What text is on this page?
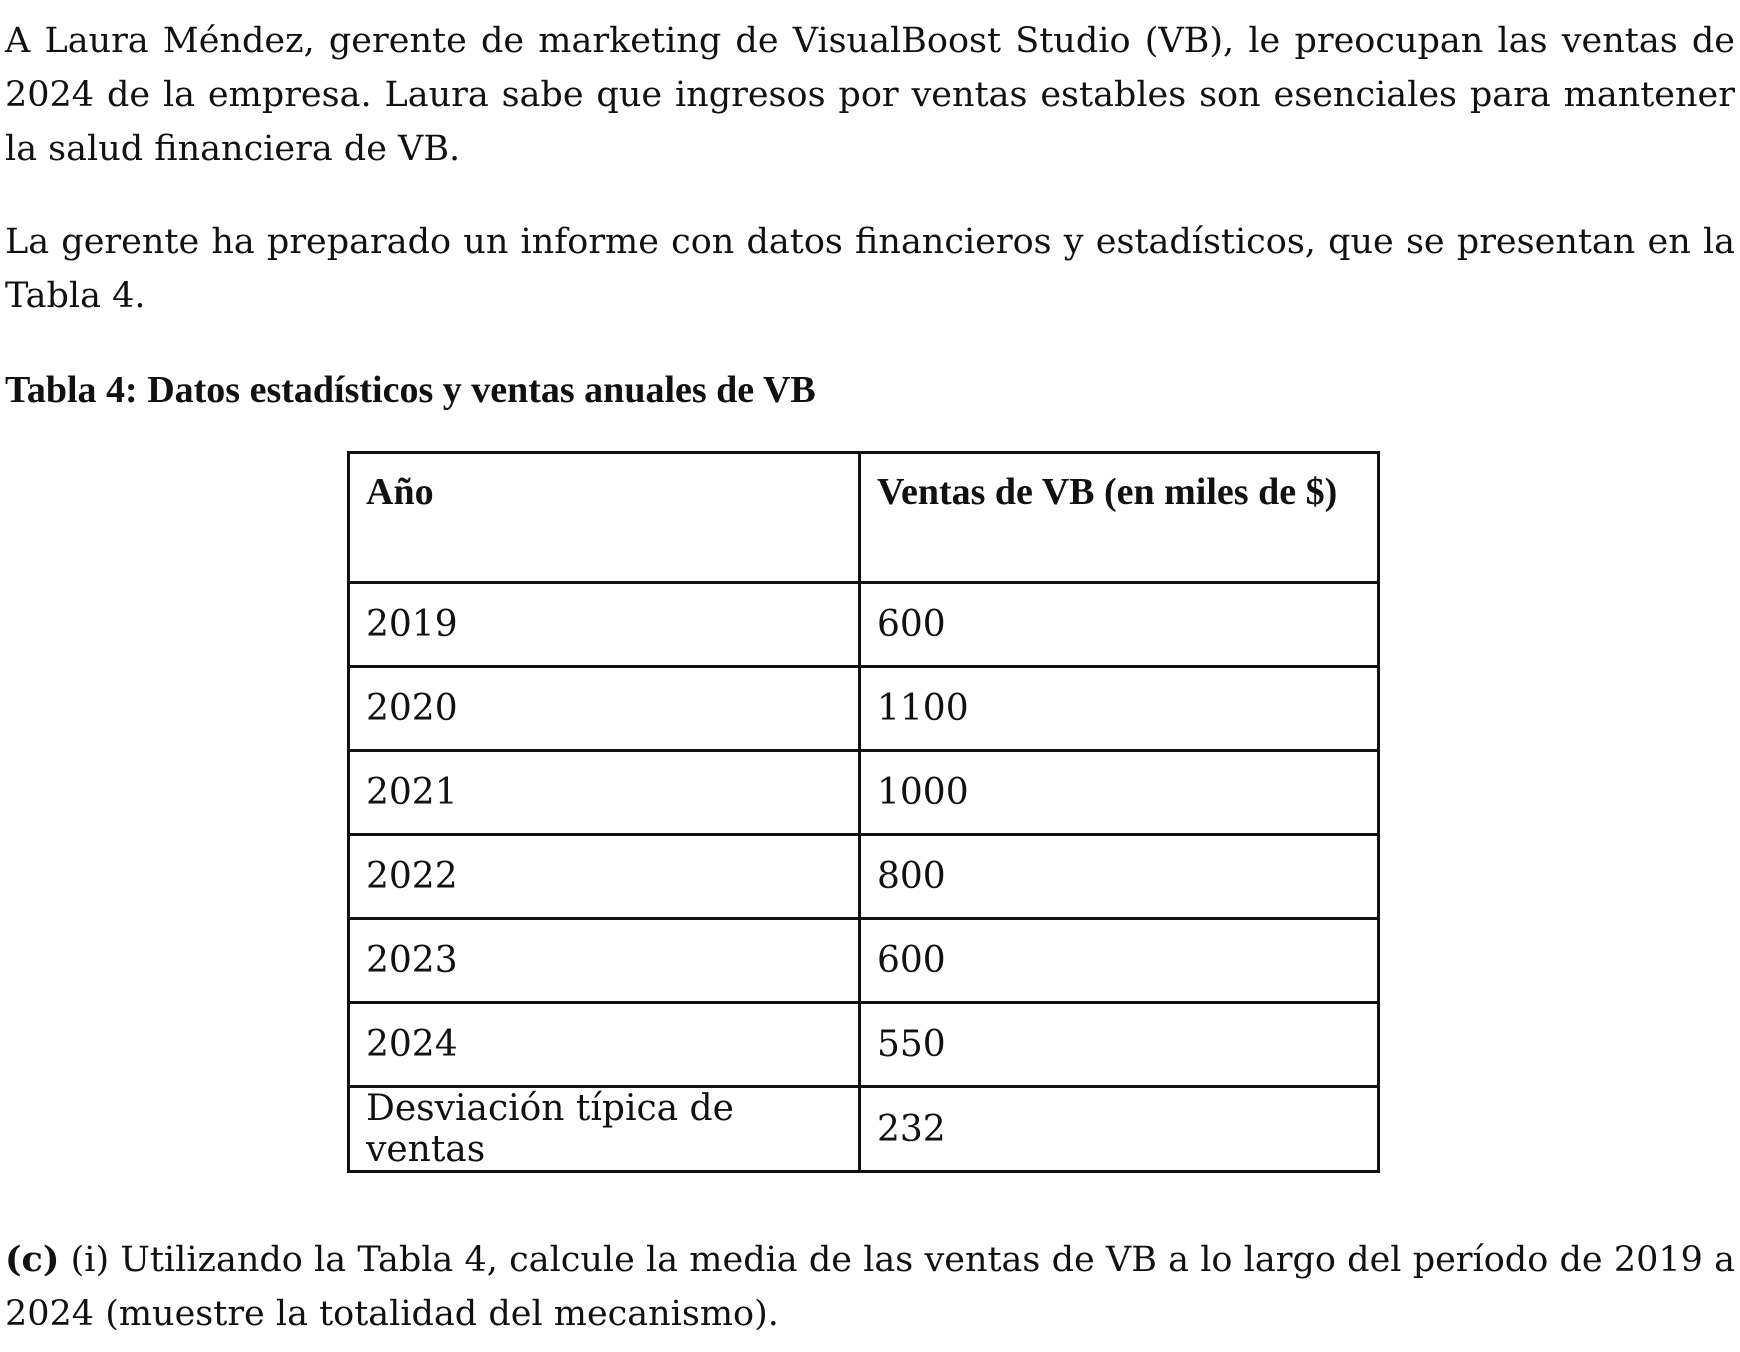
A Laura Méndez, gerente de marketing de VisualBoost Studio (VB), le preocupan las ventas de 2024 de la empresa. Laura sabe que ingresos por ventas estables son esenciales para mantener la salud financiera de VB.

La gerente ha preparado un informe con datos financieros y estadísticos, que se presentan en la Tabla 4.

Tabla 4: Datos estadísticos y ventas anuales de VB

Año	Ventas de VB (en miles de $)
2019	600
2020	1100
2021	1000
2022	800
2023	600
2024	550
Desviación típica de ventas	232

(c) (i) Utilizando la Tabla 4, calcule la media de las ventas de VB a lo largo del período de 2019 a 2024 (muestre la totalidad del mecanismo).
